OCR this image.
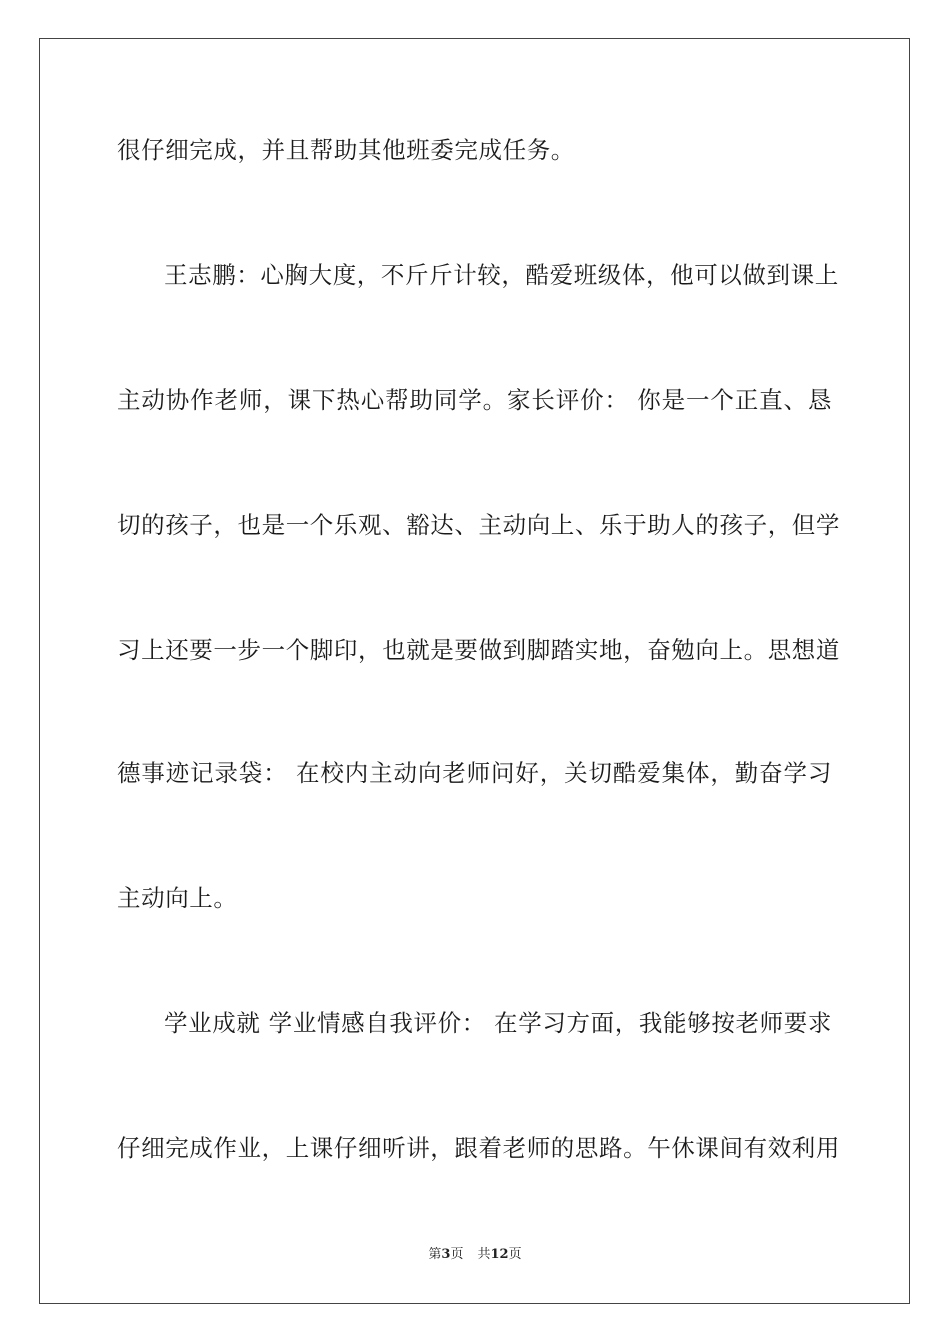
很仔细完成，并且帮助其他班委完成任务。
王志鹏：心胸大度，不斤斤计较，酷爱班级体，他可以做到课上
主动协作老师，课下热心帮助同学。家长评价： 你是一个正直、恳
切的孩子，也是一个乐观、豁达、主动向上、乐于助人的孩子，但学
习上还要一步一个脚印，也就是要做到脚踏实地，奋勉向上。思想道
德事迹记录袋： 在校内主动向老师问好，关切酷爱集体，勤奋学习
主动向上。
学业成就 学业情感自我评价： 在学习方面，我能够按老师要求
仔细完成作业，上课仔细听讲，跟着老师的思路。午休课间有效利用
第3页 共12页
